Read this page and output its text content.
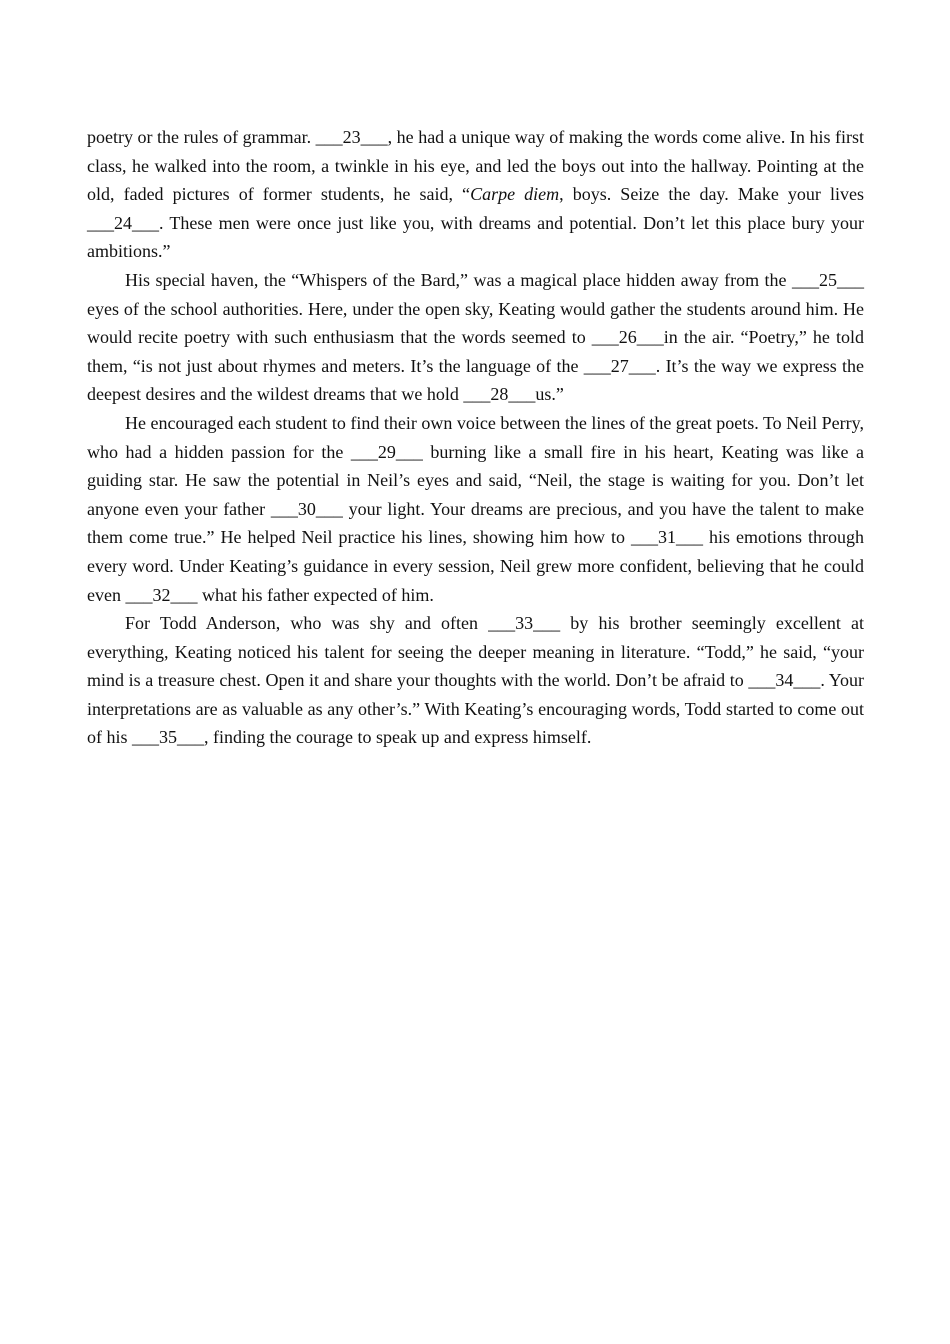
poetry or the rules of grammar. ___23___, he had a unique way of making the words come alive. In his first class, he walked into the room, a twinkle in his eye, and led the boys out into the hallway. Pointing at the old, faded pictures of former students, he said, “Carpe diem, boys. Seize the day. Make your lives ___24___. These men were once just like you, with dreams and potential. Don’t let this place bury your ambitions.”

His special haven, the “Whispers of the Bard,” was a magical place hidden away from the ___25___ eyes of the school authorities. Here, under the open sky, Keating would gather the students around him. He would recite poetry with such enthusiasm that the words seemed to ___26___in the air. “Poetry,” he told them, “is not just about rhymes and meters. It’s the language of the ___27___. It’s the way we express the deepest desires and the wildest dreams that we hold ___28___us.”

He encouraged each student to find their own voice between the lines of the great poets. To Neil Perry, who had a hidden passion for the ___29___ burning like a small fire in his heart, Keating was like a guiding star. He saw the potential in Neil’s eyes and said, “Neil, the stage is waiting for you. Don’t let anyone even your father ___30___ your light. Your dreams are precious, and you have the talent to make them come true.” He helped Neil practice his lines, showing him how to ___31___ his emotions through every word. Under Keating’s guidance in every session, Neil grew more confident, believing that he could even ___32___ what his father expected of him.

For Todd Anderson, who was shy and often ___33___ by his brother seemingly excellent at everything, Keating noticed his talent for seeing the deeper meaning in literature. “Todd,” he said, “your mind is a treasure chest. Open it and share your thoughts with the world. Don’t be afraid to ___34___. Your interpretations are as valuable as any other’s.” With Keating’s encouraging words, Todd started to come out of his ___35___, finding the courage to speak up and express himself.
